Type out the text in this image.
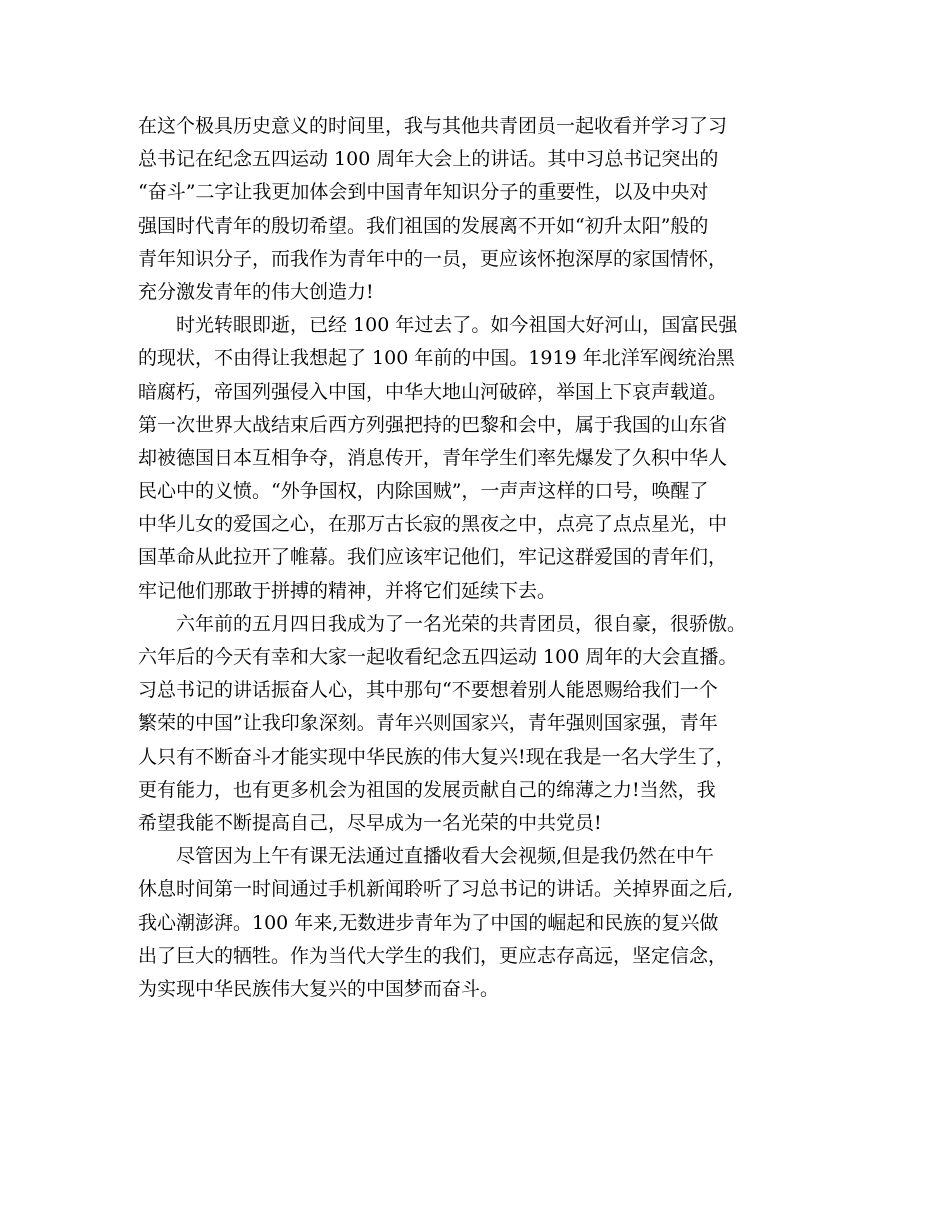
在这个极具历史意义的时间里，我与其他共青团员一起收看并学习了习
总书记在纪念五四运动 100 周年大会上的讲话。其中习总书记突出的
“奋斗”二字让我更加体会到中国青年知识分子的重要性，以及中央对
强国时代青年的殷切希望。我们祖国的发展离不开如“初升太阳”般的
青年知识分子，而我作为青年中的一员，更应该怀抱深厚的家国情怀，
充分激发青年的伟大创造力!
时光转眼即逝，已经 100 年过去了。如今祖国大好河山，国富民强
的现状，不由得让我想起了 100 年前的中国。1919 年北洋军阀统治黑
暗腐朽，帝国列强侵入中国，中华大地山河破碎，举国上下哀声载道。
第一次世界大战结束后西方列强把持的巴黎和会中，属于我国的山东省
却被德国日本互相争夺，消息传开，青年学生们率先爆发了久积中华人
民心中的义愤。“外争国权，内除国贼”，一声声这样的口号，唤醒了
中华儿女的爱国之心，在那万古长寂的黑夜之中，点亮了点点星光，中
国革命从此拉开了帷幕。我们应该牢记他们，牢记这群爱国的青年们，
牢记他们那敢于拼搏的精神，并将它们延续下去。
六年前的五月四日我成为了一名光荣的共青团员，很自豪，很骄傲。
六年后的今天有幸和大家一起收看纪念五四运动 100 周年的大会直播。
习总书记的讲话振奋人心，其中那句“不要想着别人能恩赐给我们一个
繁荣的中国”让我印象深刻。青年兴则国家兴，青年强则国家强，青年
人只有不断奋斗才能实现中华民族的伟大复兴!现在我是一名大学生了，
更有能力，也有更多机会为祖国的发展贡献自己的绵薄之力!当然，我
希望我能不断提高自己，尽早成为一名光荣的中共党员!
尽管因为上午有课无法通过直播收看大会视频,但是我仍然在中午
休息时间第一时间通过手机新闻聆听了习总书记的讲话。关掉界面之后,
我心潮澎湃。100 年来,无数进步青年为了中国的崛起和民族的复兴做
出了巨大的牺牲。作为当代大学生的我们，更应志存高远，坚定信念，
为实现中华民族伟大复兴的中国梦而奋斗。
